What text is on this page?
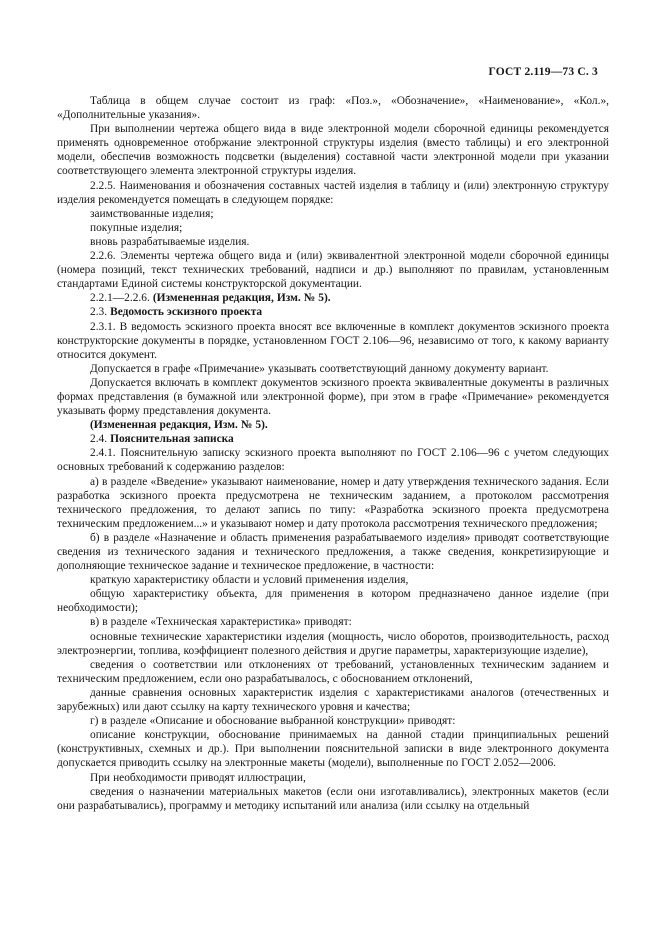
ГОСТ 2.119—73 С. 3

Таблица в общем случае состоит из граф: «Поз.», «Обозначение», «Наименование», «Кол.», «Дополнительные указания».

При выполнении чертежа общего вида в виде электронной модели сборочной единицы рекомендуется применять одновременное отобржание электронной структуры изделия (вместо таблицы) и его электронной модели, обеспечив возможность подсветки (выделения) составной части электронной модели при указании соответствующего элемента электронной структуры изделия.

2.2.5. Наименования и обозначения составных частей изделия в таблицу и (или) электронную структуру изделия рекомендуется помещать в следующем порядке:

заимствованные изделия;

покупные изделия;

вновь разрабатываемые изделия.

2.2.6. Элементы чертежа общего вида и (или) эквивалентной электронной модели сборочной единицы (номера позиций, текст технических требований, надписи и др.) выполняют по правилам, установленным стандартами Единой системы конструкторской документации.

2.2.1—2.2.6. (Измененная редакция, Изм. № 5).

2.3. Ведомость эскизного проекта

2.3.1. В ведомость эскизного проекта вносят все включенные в комплект документов эскизного проекта конструкторские документы в порядке, установленном ГОСТ 2.106—96, независимо от того, к какому варианту относится документ.

Допускается в графе «Примечание» указывать соответствующий данному документу вариант.

Допускается включать в комплект документов эскизного проекта эквивалентные документы в различных формах представления (в бумажной или электронной форме), при этом в графе «Примечание» рекомендуется указывать форму представления документа.

(Измененная редакция, Изм. № 5).

2.4. Пояснительная записка

2.4.1. Пояснительную записку эскизного проекта выполняют по ГОСТ 2.106—96 с учетом следующих основных требований к содержанию разделов:

а) в разделе «Введение» указывают наименование, номер и дату утверждения технического задания. Если разработка эскизного проекта предусмотрена не техническим заданием, а протоколом рассмотрения технического предложения, то делают запись по типу: «Разработка эскизного проекта предусмотрена техническим предложением...» и указывают номер и дату протокола рассмотрения технического предложения;

б) в разделе «Назначение и область применения разрабатываемого изделия» приводят соответствующие сведения из технического задания и технического предложения, а также сведения, конкретизирующие и дополняющие техническое задание и техническое предложение, в частности:

краткую характеристику области и условий применения изделия,

общую характеристику объекта, для применения в котором предназначено данное изделие (при необходимости);

в) в разделе «Техническая характеристика» приводят:

основные технические характеристики изделия (мощность, число оборотов, производительность, расход электроэнергии, топлива, коэффициент полезного действия и другие параметры, характеризующие изделие),

сведения о соответствии или отклонениях от требований, установленных техническим заданием и техническим предложением, если оно разрабатывалось, с обоснованием отклонений,

данные сравнения основных характеристик изделия с характеристиками аналогов (отечественных и зарубежных) или дают ссылку на карту технического уровня и качества;

г) в разделе «Описание и обоснование выбранной конструкции» приводят:

описание конструкции, обоснование принимаемых на данной стадии принципиальных решений (конструктивных, схемных и др.). При выполнении пояснительной записки в виде электронного документа допускается приводить ссылку на электронные макеты (модели), выполненные по ГОСТ 2.052—2006.

При необходимости приводят иллюстрации,

сведения о назначении материальных макетов (если они изготавливались), электронных макетов (если они разрабатывались), программу и методику испытаний или анализа (или ссылку на отдельный
